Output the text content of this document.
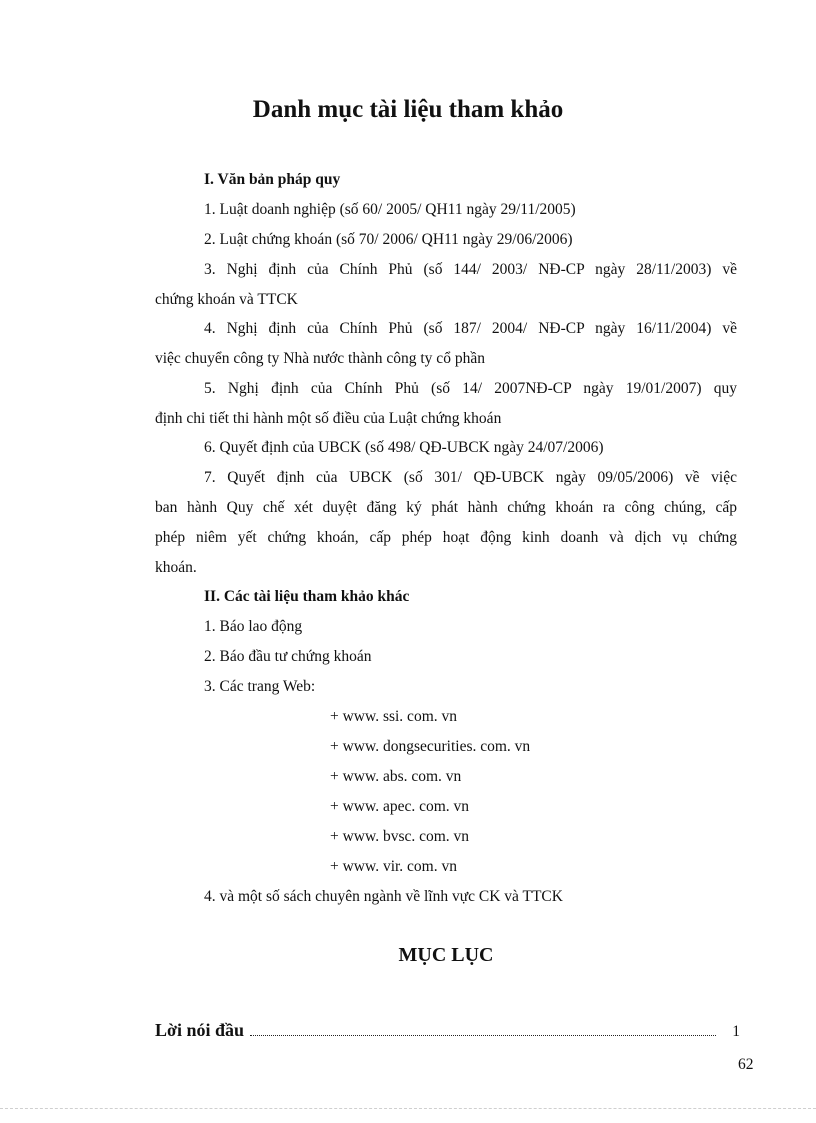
Danh mục tài liệu tham khảo

I. Văn bản pháp quy

1. Luật doanh nghiệp (số 60/ 2005/ QH11 ngày 29/11/2005)

2. Luật chứng khoán (số 70/ 2006/ QH11 ngày 29/06/2006)

3. Nghị định của Chính Phủ (số 144/ 2003/ NĐ-CP ngày 28/11/2003) về

chứng khoán và TTCK

4. Nghị định của Chính Phủ (số 187/ 2004/ NĐ-CP ngày 16/11/2004) về

việc chuyển công ty Nhà nước thành công ty cổ phần

5. Nghị định của Chính Phủ (số 14/ 2007NĐ-CP ngày 19/01/2007) quy

định chi tiết thi hành một số điều của Luật chứng khoán

6. Quyết định của UBCK (số 498/ QĐ-UBCK ngày 24/07/2006)

7. Quyết định của UBCK (số 301/ QĐ-UBCK ngày 09/05/2006) về việc

ban hành Quy chế xét duyệt đăng ký phát hành chứng khoán ra công chúng, cấp

phép niêm yết chứng khoán, cấp phép hoạt động kinh doanh và dịch vụ chứng

khoán.

II. Các tài liệu tham khảo khác

1. Báo lao động

2. Báo đầu tư chứng khoán

3. Các trang Web:

+ www. ssi. com. vn

+ www. dongsecurities. com. vn

+ www. abs. com. vn

+ www. apec. com. vn

+ www. bvsc. com. vn

+ www. vir. com. vn

4. và một số sách chuyên ngành về lĩnh vực CK và TTCK

MỤC LỤC
Lời nói đầu	1
62
